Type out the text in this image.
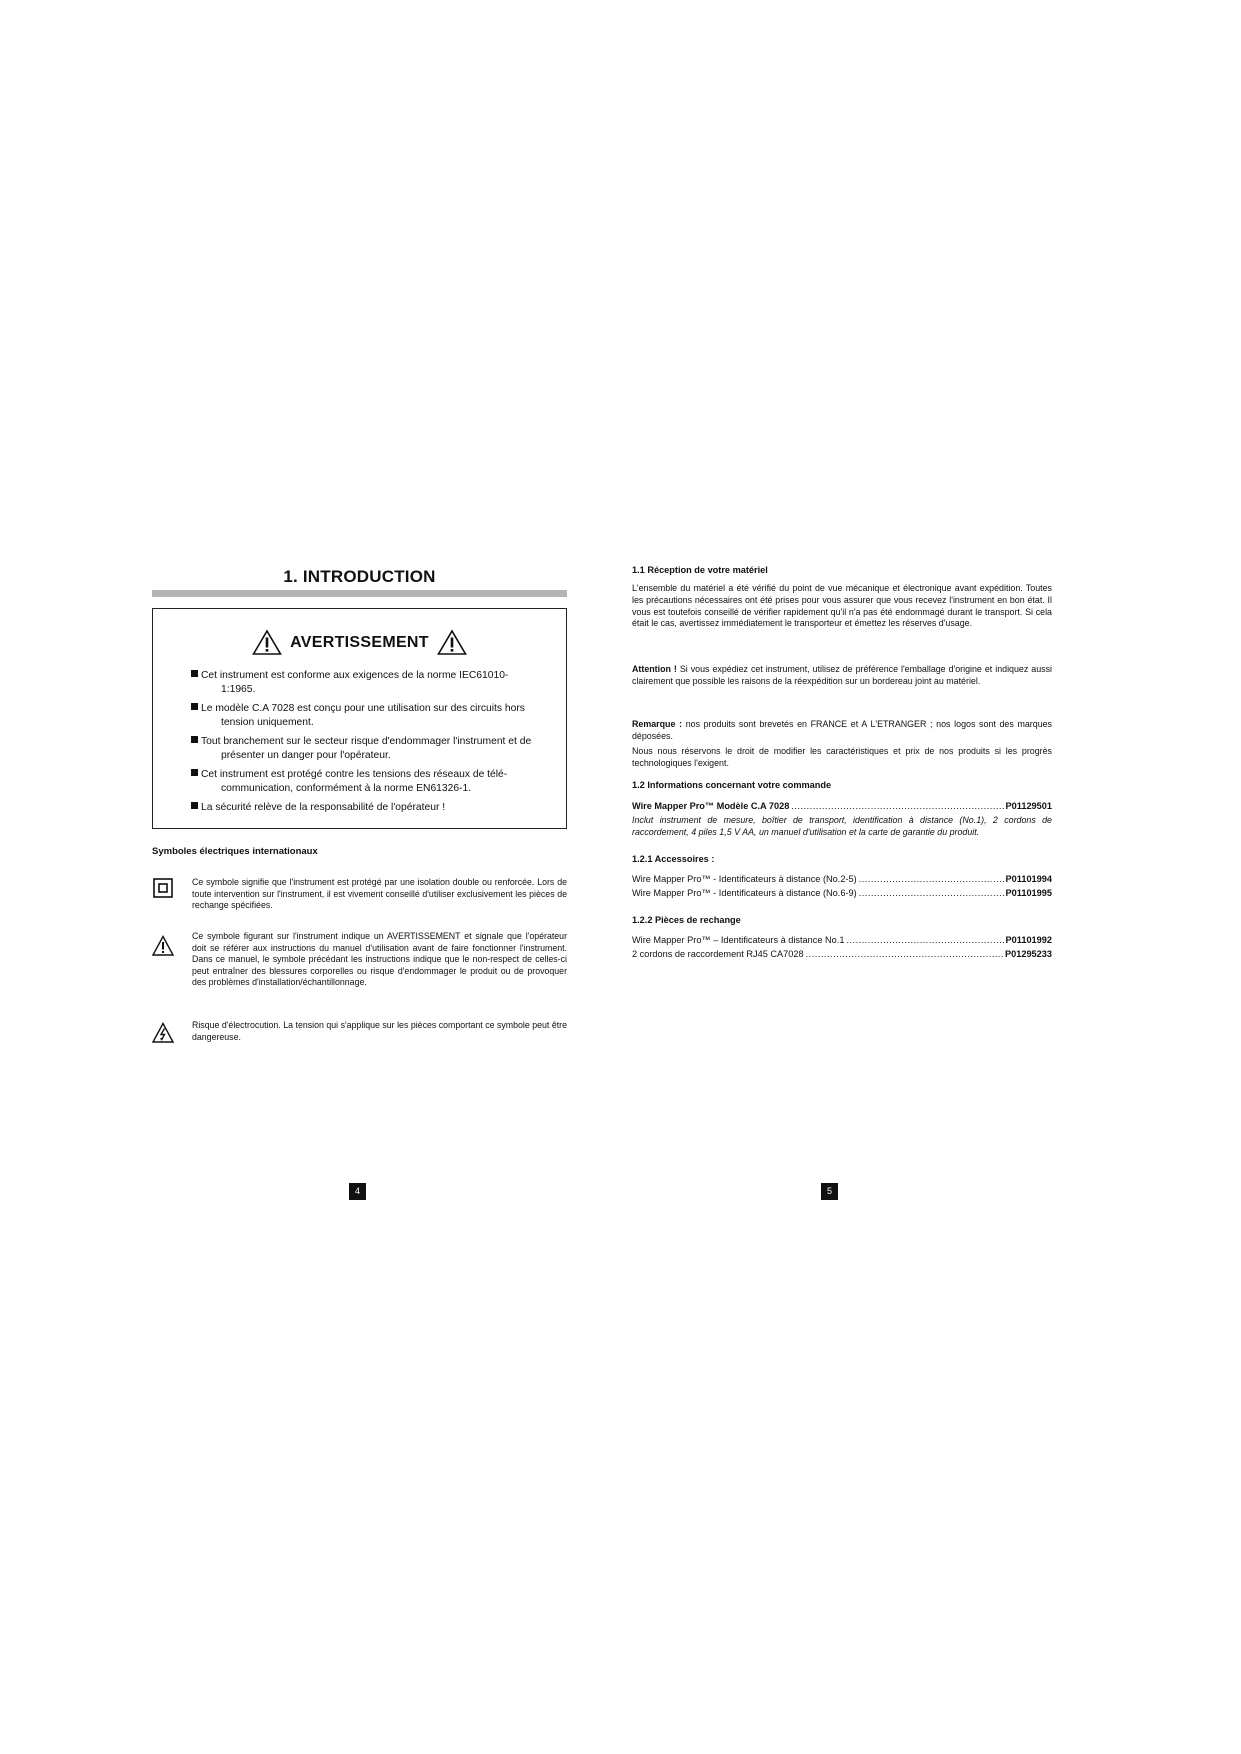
1. INTRODUCTION
AVERTISSEMENT
Cet instrument est conforme aux exigences de la norme IEC61010-1:1965.
Le modèle C.A 7028 est conçu pour une utilisation sur des circuits hors tension uniquement.
Tout branchement sur le secteur risque d'endommager l'instrument et de présenter un danger pour l'opérateur.
Cet instrument est protégé contre les tensions des réseaux de télé-communication, conformément à la norme EN61326-1.
La sécurité relève de la responsabilité de l'opérateur !
Symboles électriques internationaux
Ce symbole signifie que l'instrument est protégé par une isolation double ou renforcée. Lors de toute intervention sur l'instrument, il est vivement conseillé d'utiliser exclusivement les pièces de rechange spécifiées.
Ce symbole figurant sur l'instrument indique un AVERTISSEMENT et signale que l'opérateur doit se référer aux instructions du manuel d'utilisation avant de faire fonctionner l'instrument. Dans ce manuel, le symbole précédant les instructions indique que le non-respect de celles-ci peut entraîner des blessures corporelles ou risque d'endommager le produit ou de provoquer des problèmes d'installation/échantillonnage.
Risque d'électrocution. La tension qui s'applique sur les pièces comportant ce symbole peut être dangereuse.
4
1.1 Réception de votre matériel
L'ensemble du matériel a été vérifié du point de vue mécanique et électronique avant expédition. Toutes les précautions nécessaires ont été prises pour vous assurer que vous recevez l'instrument en bon état. Il vous est toutefois conseillé de vérifier rapidement qu'il n'a pas été endommagé durant le transport. Si cela était le cas, avertissez immédiatement le transporteur et émettez les réserves d'usage.
Attention ! Si vous expédiez cet instrument, utilisez de préférence l'emballage d'origine et indiquez aussi clairement que possible les raisons de la réexpédition sur un bordereau joint au matériel.
Remarque : nos produits sont brevetés en FRANCE et A L'ETRANGER ; nos logos sont des marques déposées.
Nous nous réservons le droit de modifier les caractéristiques et prix de nos produits si les progrès technologiques l'exigent.
1.2 Informations concernant votre commande
Wire Mapper Pro™ Modèle C.A 7028 .....	P01129501
Inclut instrument de mesure, boîtier de transport, identification à distance (No.1), 2 cordons de raccordement, 4 piles 1,5 V AA, un manuel d'utilisation et la carte de garantie du produit.
1.2.1 Accessoires :
Wire Mapper Pro™ - Identificateurs à distance (No.2-5) .....	P01101994
Wire Mapper Pro™ - Identificateurs à distance (No.6-9) .....	P01101995
1.2.2 Pièces de rechange
Wire Mapper Pro™ – Identificateurs à distance No.1 .....	P01101992
2 cordons de raccordement RJ45 CA7028 .....	P01295233
5
